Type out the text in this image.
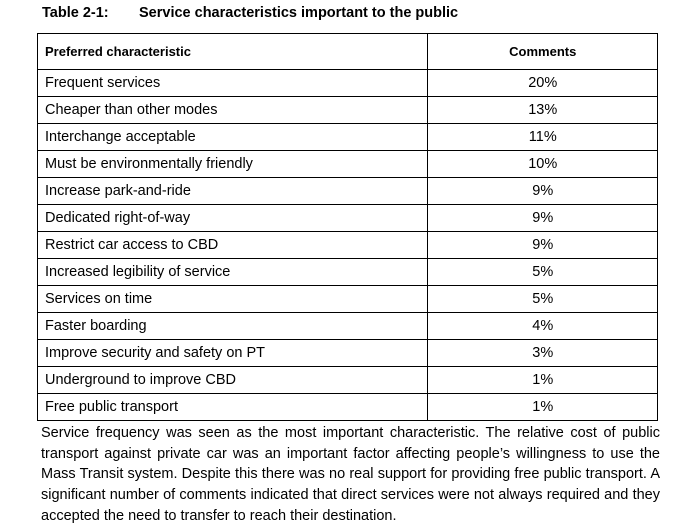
Table 2-1: Service characteristics important to the public
Preferred characteristic	Comments
Frequent services	20%
Cheaper than other modes	13%
Interchange acceptable	11%
Must be environmentally friendly	10%
Increase park-and-ride	9%
Dedicated right-of-way	9%
Restrict car access to CBD	9%
Increased legibility of service	5%
Services on time	5%
Faster boarding	4%
Improve security and safety on PT	3%
Underground to improve CBD	1%
Free public transport	1%
Service frequency was seen as the most important characteristic. The relative cost of public transport against private car was an important factor affecting people’s willingness to use the Mass Transit system. Despite this there was no real support for providing free public transport. A significant number of comments indicated that direct services were not always required and they accepted the need to transfer to reach their destination.
